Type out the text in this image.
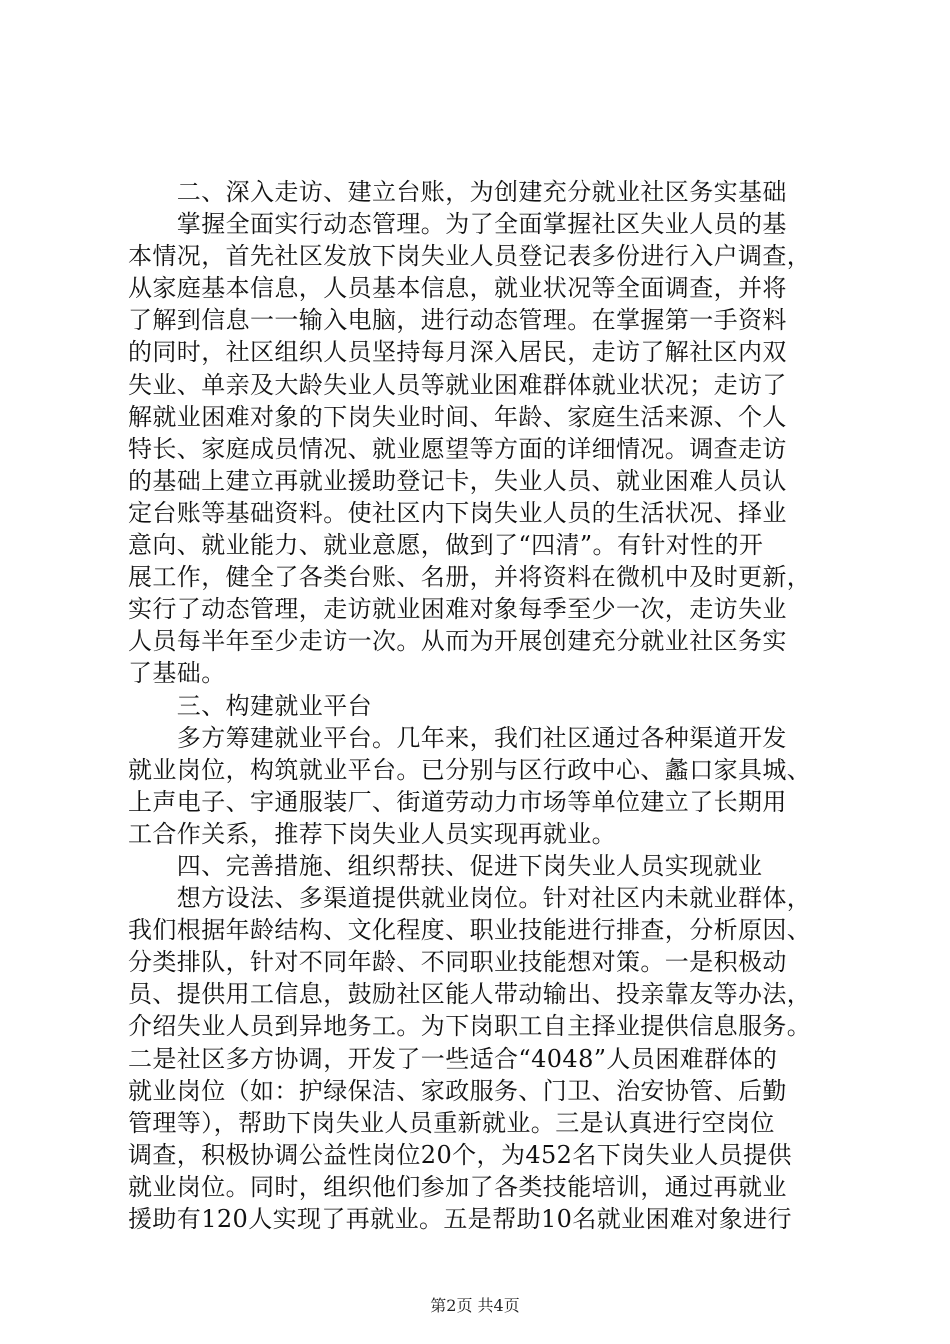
　　二、深入走访、建立台账，为创建充分就业社区务实基础
　　掌握全面实行动态管理。为了全面掌握社区失业人员的基
本情况，首先社区发放下岗失业人员登记表多份进行入户调查，
从家庭基本信息，人员基本信息，就业状况等全面调查，并将
了解到信息一一输入电脑，进行动态管理。在掌握第一手资料
的同时，社区组织人员坚持每月深入居民，走访了解社区内双
失业、单亲及大龄失业人员等就业困难群体就业状况；走访了
解就业困难对象的下岗失业时间、年龄、家庭生活来源、个人
特长、家庭成员情况、就业愿望等方面的详细情况。调查走访
的基础上建立再就业援助登记卡，失业人员、就业困难人员认
定台账等基础资料。使社区内下岗失业人员的生活状况、择业
意向、就业能力、就业意愿，做到了“四清”。有针对性的开
展工作，健全了各类台账、名册，并将资料在微机中及时更新，
实行了动态管理，走访就业困难对象每季至少一次，走访失业
人员每半年至少走访一次。从而为开展创建充分就业社区务实
了基础。
　　三、构建就业平台
　　多方筹建就业平台。几年来，我们社区通过各种渠道开发
就业岗位，构筑就业平台。已分别与区行政中心、蠡口家具城、
上声电子、宇通服装厂、街道劳动力市场等单位建立了长期用
工合作关系，推荐下岗失业人员实现再就业。
　　四、完善措施、组织帮扶、促进下岗失业人员实现就业
　　想方设法、多渠道提供就业岗位。针对社区内未就业群体，
我们根据年龄结构、文化程度、职业技能进行排查，分析原因、
分类排队，针对不同年龄、不同职业技能想对策。一是积极动
员、提供用工信息，鼓励社区能人带动输出、投亲靠友等办法，
介绍失业人员到异地务工。为下岗职工自主择业提供信息服务。
二是社区多方协调，开发了一些适合“4048”人员困难群体的
就业岗位（如：护绿保洁、家政服务、门卫、治安协管、后勤
管理等），帮助下岗失业人员重新就业。三是认真进行空岗位
调查，积极协调公益性岗位20个，为452名下岗失业人员提供
就业岗位。同时，组织他们参加了各类技能培训，通过再就业
援助有120人实现了再就业。五是帮助10名就业困难对象进行
第2页 共4页
